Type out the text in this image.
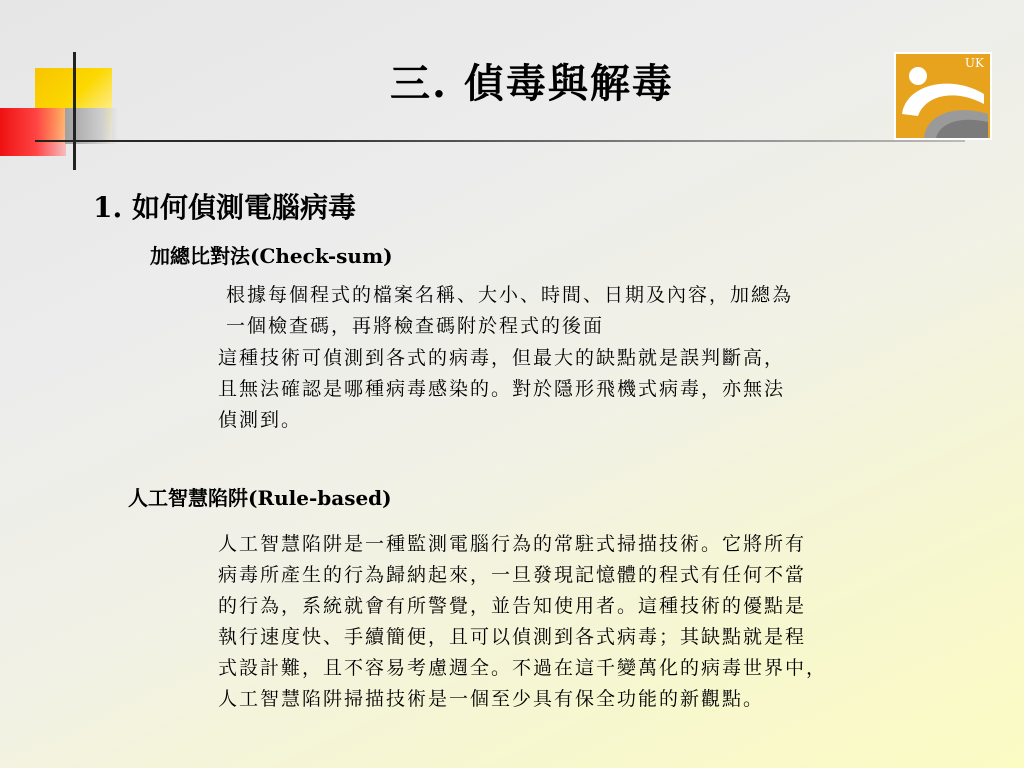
三. 偵毒與解毒	UK
1. 如何偵測電腦病毒
加總比對法(Check-sum)
根據每個程式的檔案名稱、大小、時間、日期及內容，加總為
一個檢查碼，再將檢查碼附於程式的後面
這種技術可偵測到各式的病毒，但最大的缺點就是誤判斷高，
且無法確認是哪種病毒感染的。對於隱形飛機式病毒，亦無法
偵測到。
人工智慧陷阱(Rule-based)
人工智慧陷阱是一種監測電腦行為的常駐式掃描技術。它將所有
病毒所產生的行為歸納起來，一旦發現記憶體的程式有任何不當
的行為，系統就會有所警覺，並告知使用者。這種技術的優點是
執行速度快、手續簡便，且可以偵測到各式病毒；其缺點就是程
式設計難，且不容易考慮週全。不過在這千變萬化的病毒世界中，
人工智慧陷阱掃描技術是一個至少具有保全功能的新觀點。
